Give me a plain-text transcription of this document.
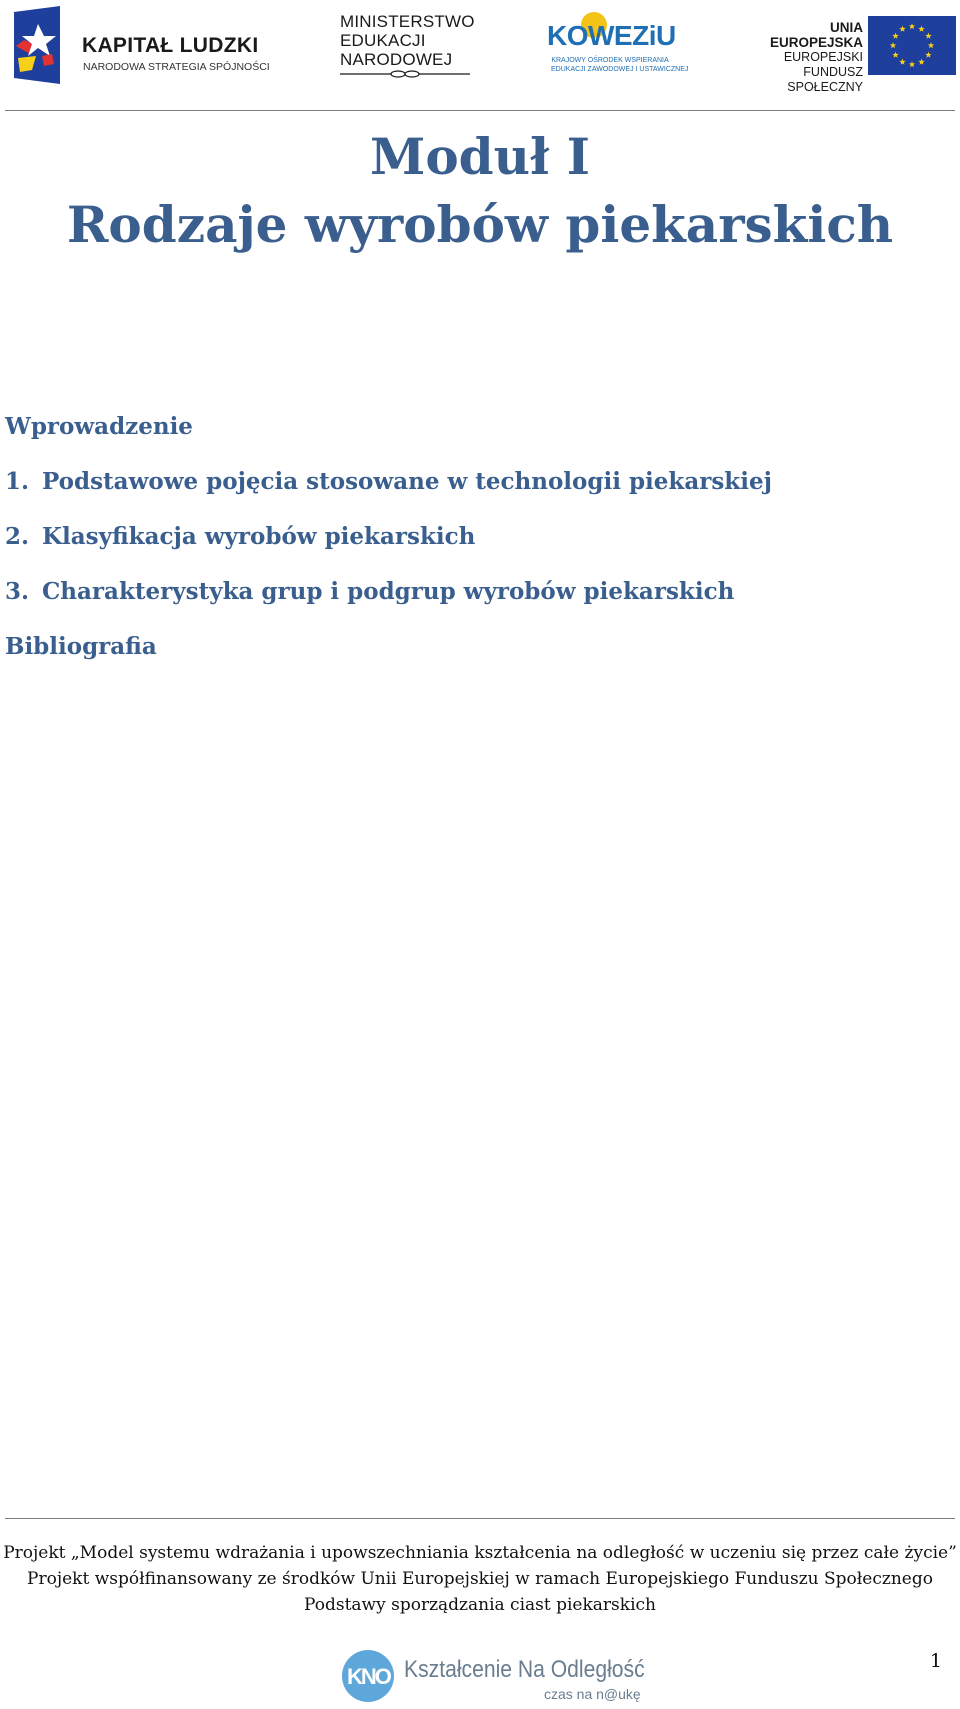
KAPITAŁ LUDZKI
NARODOWA STRATEGIA SPÓJNOŚCI
MINISTERSTWO
EDUKACJI
NARODOWEJ
KOWEZiU
KRAJOWY OŚRODEK WSPIERANIA
EDUKACJI ZAWODOWEJ I USTAWICZNEJ
UNIA EUROPEJSKA
EUROPEJSKI
FUNDUSZ SPOŁECZNY
Moduł I
Rodzaje wyrobów piekarskich
Wprowadzenie
1. Podstawowe pojęcia stosowane w technologii piekarskiej
2. Klasyfikacja wyrobów piekarskich
3. Charakterystyka grup i podgrup wyrobów piekarskich
Bibliografia
Projekt „Model systemu wdrażania i upowszechniania kształcenia na odległość w uczeniu się przez całe życie”
Projekt współfinansowany ze środków Unii Europejskiej w ramach Europejskiego Funduszu Społecznego
Podstawy sporządzania ciast piekarskich
KNO Kształcenie Na Odległość
czas na n@ukę
1
